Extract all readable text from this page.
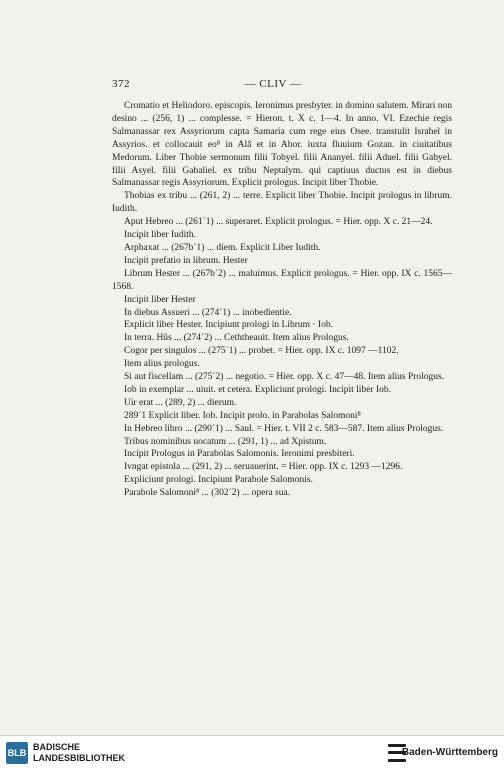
372	— CLIV —

Cromatio et Heliodoro. episcopis. Ieronimus presbyter. in domino salutem. Mirari non desino ... (256, 1) ... complesse. = Hieron. t. X c. 1—4. In anno. VI. Ezechie regis Salmanassar rex Assyriorum capta Samaria cum rege eius Osee. transtulit Israhel in Assyrios. et collocauit eo⁸ in Alâ et in Abor. iuxta fluuium Gozan. in ciuitatibus Medorum. Liber Thobie sermonum filii Tobyel. filii Ananyel. filii Aduel. filii Gabyel. filii Asyel. filii Gabaliel. ex tribu Neptalym. qui captiuus ductus est in diebus Salmanassar regis Assyriorum. Explicit prologus. Incipit liber Thobie.

Thobias ex tribu ... (261, 2) ... terre. Explicit liber Thobie. Incipit prologus in librum. Iudith.

Aput Hebreo ... (261´1) ... superaret. Explicit prologus. = Hier. opp. X c. 21—24.

Incipit liber Iudith.

Arphaxat ... (267b´1) ... diem. Explicit Liber Iudith.

Incipit prefatio in librum. Hester

Librum Hester ... (267b´2) ... maluimus. Explicit prologus. = Hier. opp. IX c. 1565—1568.

Incipit liber Hester

In diebus Assueri ... (274´1) ... inobedientie.

Explicit liber Hester. Incipiunt prologi in Librum · Iob.

In terra. Hûs ... (274´2) ... Ceththeauit. Item alius Prologus.

Cogor per singulos ... (275´1) ... probet. = Hier. opp. IX c. 1097 —1102.

Item alius prologus.

Si aut fiscellam ... (275´2) ... negotio. = Hier. opp. X c. 47—48. Item alius Prologus.

Iob in exemplar ... uiuit. et cetera. Expliciunt prologi. Incipit liber Iob.

Uir erat ... (289, 2) ... dierum.

289´1 Explicit liber. Iob. Incipit prolo. in Parabolas Salomoni⁸

In Hebreo libro ... (290´1) ... Saul. = Hier. t. VII 2 c. 583—587. Item alius Prologus.

Tribus nominibus uocatum ... (291, 1) ... ad Xpistum.

Incipit Prologus in Parabolas Salomonis. Ieronimi presbiteri.

Ivngat epistola ... (291, 2) ... seruauerint. = Hier. opp. IX c. 1293 —1296.

Expliciunt prologi. Incipiunt Parabole Salomonis.

Parabole Salomoni⁸ ... (302´2) ... opera sua.

BLB
BADISCHE
LANDESBIBLIOTHEK	Baden-Württemberg
